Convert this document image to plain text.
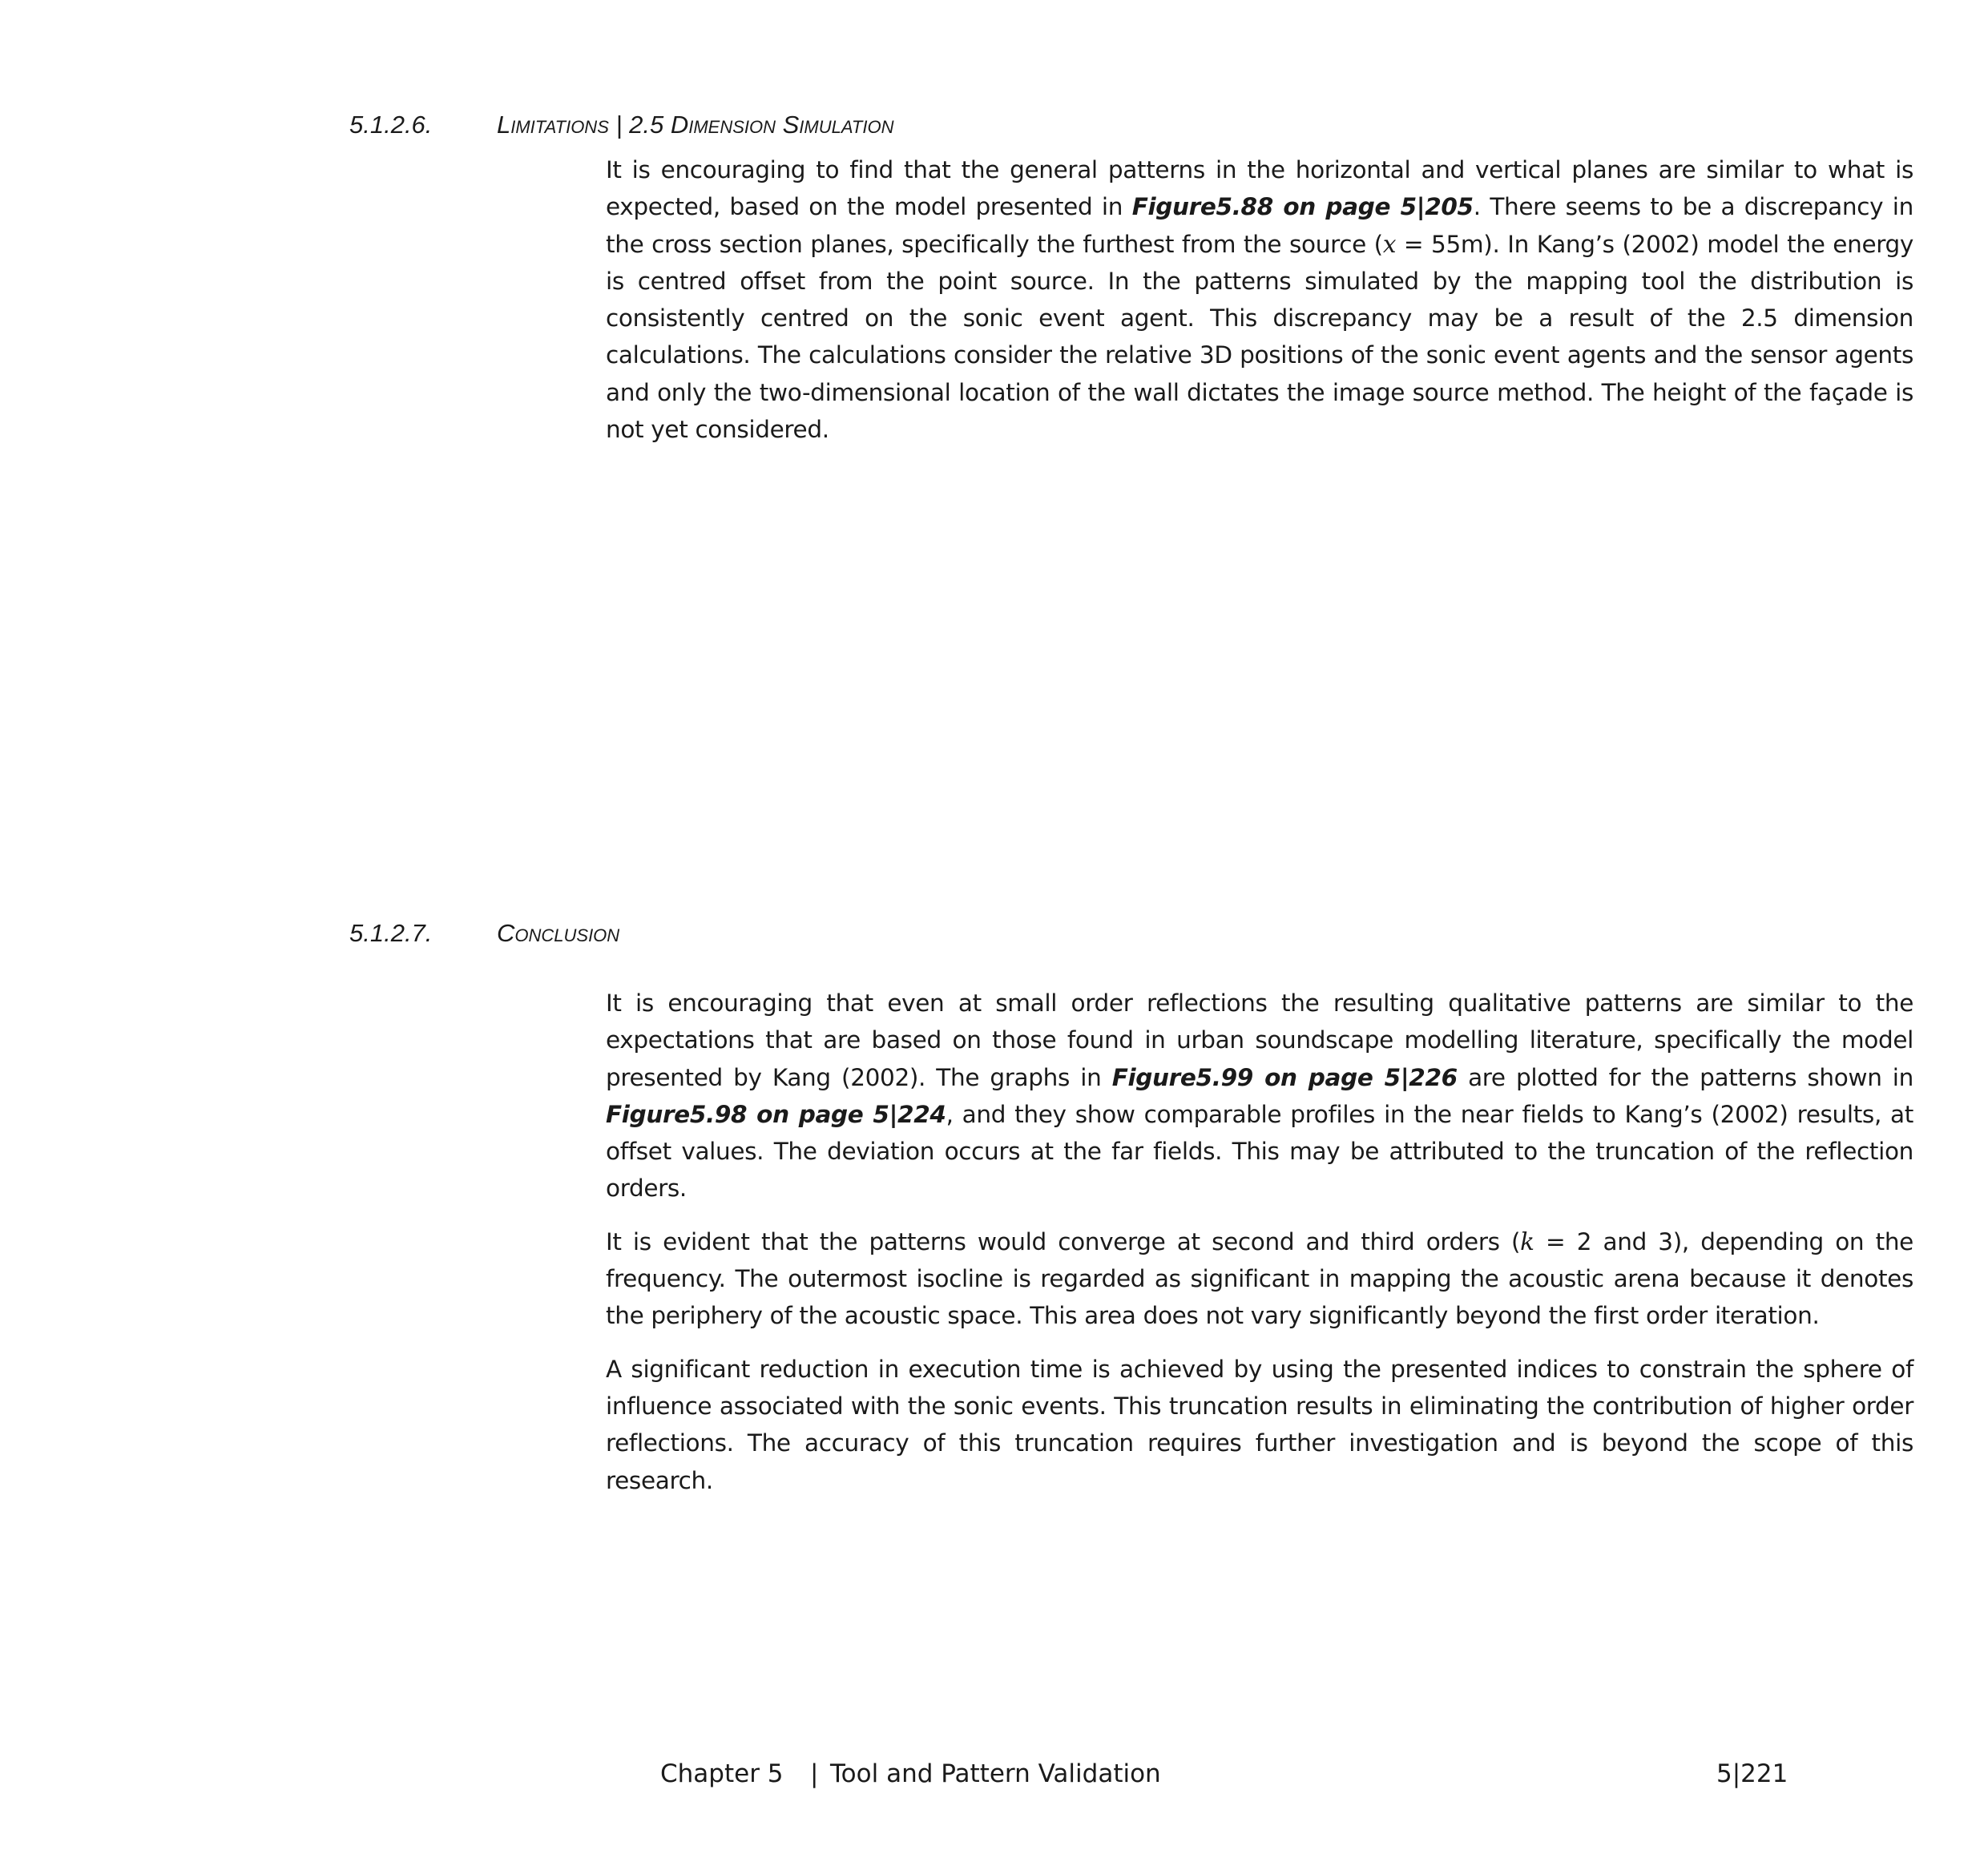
5.1.2.6.	Limitations | 2.5 Dimension Simulation

It is encouraging to find that the general patterns in the horizontal and vertical planes are similar to what is expected, based on the model presented in Figure5.88 on page 5|205. There seems to be a discrepancy in the cross section planes, specifically the furthest from the source (x = 55m). In Kang’s (2002) model the energy is centred offset from the point source. In the patterns simulated by the mapping tool the distribution is consistently centred on the sonic event agent. This discrepancy may be a result of the 2.5 dimension calculations. The calculations consider the relative 3D positions of the sonic event agents and the sensor agents and only the two-dimensional location of the wall dictates the image source method. The height of the façade is not yet considered.

5.1.2.7.	Conclusion

It is encouraging that even at small order reflections the resulting qualitative patterns are similar to the expectations that are based on those found in urban soundscape modelling literature, specifically the model presented by Kang (2002). The graphs in Figure5.99 on page 5|226 are plotted for the patterns shown in Figure5.98 on page 5|224, and they show comparable profiles in the near fields to Kang’s (2002) results, at offset values. The deviation occurs at the far fields. This may be attributed to the truncation of the reflection orders.

It is evident that the patterns would converge at second and third orders (k = 2 and 3), depending on the frequency. The outermost isocline is regarded as significant in mapping the acoustic arena because it denotes the periphery of the acoustic space. This area does not vary significantly beyond the first order iteration.

A significant reduction in execution time is achieved by using the presented indices to constrain the sphere of influence associated with the sonic events. This truncation results in eliminating the contribution of higher order reflections. The accuracy of this truncation requires further investigation and is beyond the scope of this research.

Chapter 5 | Tool and Pattern Validation	5|221
